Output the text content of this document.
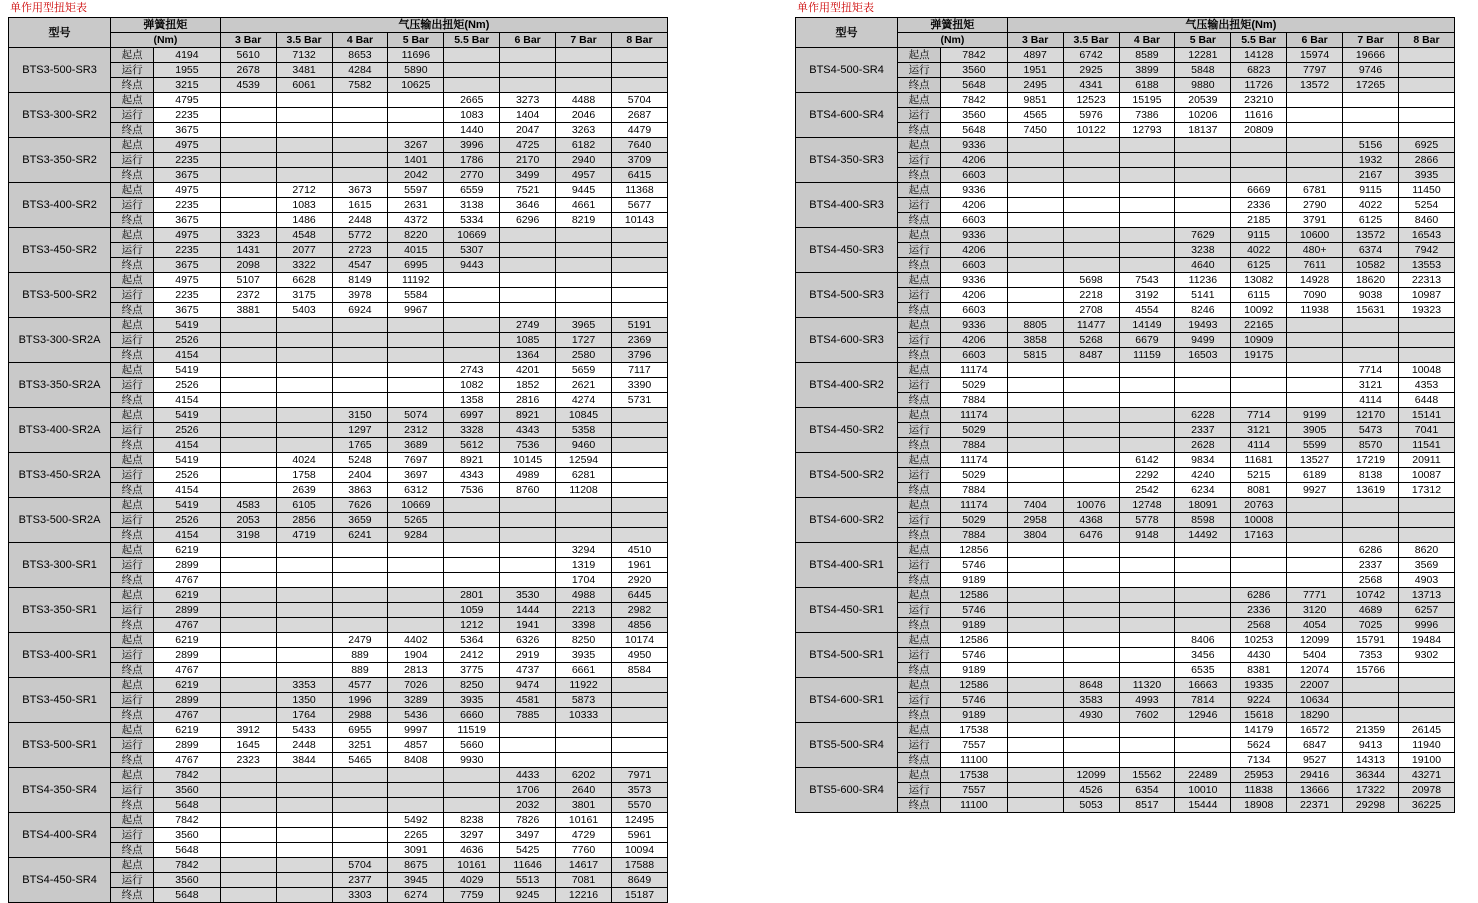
单作用型扭矩表
型号	弹簧扭矩		气压输出扭矩(Nm)							
	(Nm)		3 Bar	3.5 Bar	4 Bar	5 Bar	5.5 Bar	6 Bar	7 Bar	8 Bar
BTS3-500-SR3	起点	4194	5610	7132	8653	11696				
	运行	1955	2678	3481	4284	5890				
	终点	3215	4539	6061	7582	10625				
BTS3-300-SR2	起点	4795					2665	3273	4488	5704
	运行	2235					1083	1404	2046	2687
	终点	3675					1440	2047	3263	4479
BTS3-350-SR2	起点	4975				3267	3996	4725	6182	7640
	运行	2235				1401	1786	2170	2940	3709
	终点	3675				2042	2770	3499	4957	6415
BTS3-400-SR2	起点	4975		2712	3673	5597	6559	7521	9445	11368
	运行	2235		1083	1615	2631	3138	3646	4661	5677
	终点	3675		1486	2448	4372	5334	6296	8219	10143
BTS3-450-SR2	起点	4975	3323	4548	5772	8220	10669			
	运行	2235	1431	2077	2723	4015	5307			
	终点	3675	2098	3322	4547	6995	9443			
BTS3-500-SR2	起点	4975	5107	6628	8149	11192				
	运行	2235	2372	3175	3978	5584				
	终点	3675	3881	5403	6924	9967				
BTS3-300-SR2A	起点	5419						2749	3965	5191
	运行	2526						1085	1727	2369
	终点	4154						1364	2580	3796
BTS3-350-SR2A	起点	5419					2743	4201	5659	7117
	运行	2526					1082	1852	2621	3390
	终点	4154					1358	2816	4274	5731
BTS3-400-SR2A	起点	5419			3150	5074	6997	8921	10845	
	运行	2526			1297	2312	3328	4343	5358	
	终点	4154			1765	3689	5612	7536	9460	
BTS3-450-SR2A	起点	5419		4024	5248	7697	8921	10145	12594	
	运行	2526		1758	2404	3697	4343	4989	6281	
	终点	4154		2639	3863	6312	7536	8760	11208	
BTS3-500-SR2A	起点	5419	4583	6105	7626	10669				
	运行	2526	2053	2856	3659	5265				
	终点	4154	3198	4719	6241	9284				
BTS3-300-SR1	起点	6219							3294	4510
	运行	2899							1319	1961
	终点	4767							1704	2920
BTS3-350-SR1	起点	6219					2801	3530	4988	6445
	运行	2899					1059	1444	2213	2982
	终点	4767					1212	1941	3398	4856
BTS3-400-SR1	起点	6219			2479	4402	5364	6326	8250	10174
	运行	2899			889	1904	2412	2919	3935	4950
	终点	4767			889	2813	3775	4737	6661	8584
BTS3-450-SR1	起点	6219		3353	4577	7026	8250	9474	11922	
	运行	2899		1350	1996	3289	3935	4581	5873	
	终点	4767		1764	2988	5436	6660	7885	10333	
BTS3-500-SR1	起点	6219	3912	5433	6955	9997	11519			
	运行	2899	1645	2448	3251	4857	5660			
	终点	4767	2323	3844	5465	8408	9930			
BTS4-350-SR4	起点	7842						4433	6202	7971
	运行	3560						1706	2640	3573
	终点	5648						2032	3801	5570
BTS4-400-SR4	起点	7842				5492	8238	7826	10161	12495
	运行	3560				2265	3297	3497	4729	5961
	终点	5648				3091	4636	5425	7760	10094
BTS4-450-SR4	起点	7842			5704	8675	10161	11646	14617	17588
	运行	3560			2377	3945	4029	5513	7081	8649
	终点	5648			3303	6274	7759	9245	12216	15187
单作用型扭矩表
型号	弹簧扭矩		气压输出扭矩(Nm)							
	(Nm)		3 Bar	3.5 Bar	4 Bar	5 Bar	5.5 Bar	6 Bar	7 Bar	8 Bar
BTS4-500-SR4	起点	7842	4897	6742	8589	12281	14128	15974	19666	
	运行	3560	1951	2925	3899	5848	6823	7797	9746	
	终点	5648	2495	4341	6188	9880	11726	13572	17265	
BTS4-600-SR4	起点	7842	9851	12523	15195	20539	23210			
	运行	3560	4565	5976	7386	10206	11616			
	终点	5648	7450	10122	12793	18137	20809			
BTS4-350-SR3	起点	9336							5156	6925
	运行	4206							1932	2866
	终点	6603							2167	3935
BTS4-400-SR3	起点	9336					6669	6781	9115	11450
	运行	4206					2336	2790	4022	5254
	终点	6603					2185	3791	6125	8460
BTS4-450-SR3	起点	9336				7629	9115	10600	13572	16543
	运行	4206				3238	4022	480+	6374	7942
	终点	6603				4640	6125	7611	10582	13553
BTS4-500-SR3	起点	9336		5698	7543	11236	13082	14928	18620	22313
	运行	4206		2218	3192	5141	6115	7090	9038	10987
	终点	6603		2708	4554	8246	10092	11938	15631	19323
BTS4-600-SR3	起点	9336	8805	11477	14149	19493	22165			
	运行	4206	3858	5268	6679	9499	10909			
	终点	6603	5815	8487	11159	16503	19175			
BTS4-400-SR2	起点	11174							7714	10048
	运行	5029							3121	4353
	终点	7884							4114	6448
BTS4-450-SR2	起点	11174				6228	7714	9199	12170	15141
	运行	5029				2337	3121	3905	5473	7041
	终点	7884				2628	4114	5599	8570	11541
BTS4-500-SR2	起点	11174			6142	9834	11681	13527	17219	20911
	运行	5029			2292	4240	5215	6189	8138	10087
	终点	7884			2542	6234	8081	9927	13619	17312
BTS4-600-SR2	起点	11174	7404	10076	12748	18091	20763			
	运行	5029	2958	4368	5778	8598	10008			
	终点	7884	3804	6476	9148	14492	17163			
BTS4-400-SR1	起点	12856							6286	8620
	运行	5746							2337	3569
	终点	9189							2568	4903
BTS4-450-SR1	起点	12586					6286	7771	10742	13713
	运行	5746					2336	3120	4689	6257
	终点	9189					2568	4054	7025	9996
BTS4-500-SR1	起点	12586				8406	10253	12099	15791	19484
	运行	5746				3456	4430	5404	7353	9302
	终点	9189				6535	8381	12074	15766	
BTS4-600-SR1	起点	12586		8648	11320	16663	19335	22007		
	运行	5746		3583	4993	7814	9224	10634		
	终点	9189		4930	7602	12946	15618	18290		
BTS5-500-SR4	起点	17538					14179	16572	21359	26145
	运行	7557					5624	6847	9413	11940
	终点	11100					7134	9527	14313	19100
BTS5-600-SR4	起点	17538		12099	15562	22489	25953	29416	36344	43271
	运行	7557		4526	6354	10010	11838	13666	17322	20978
	终点	11100		5053	8517	15444	18908	22371	29298	36225
